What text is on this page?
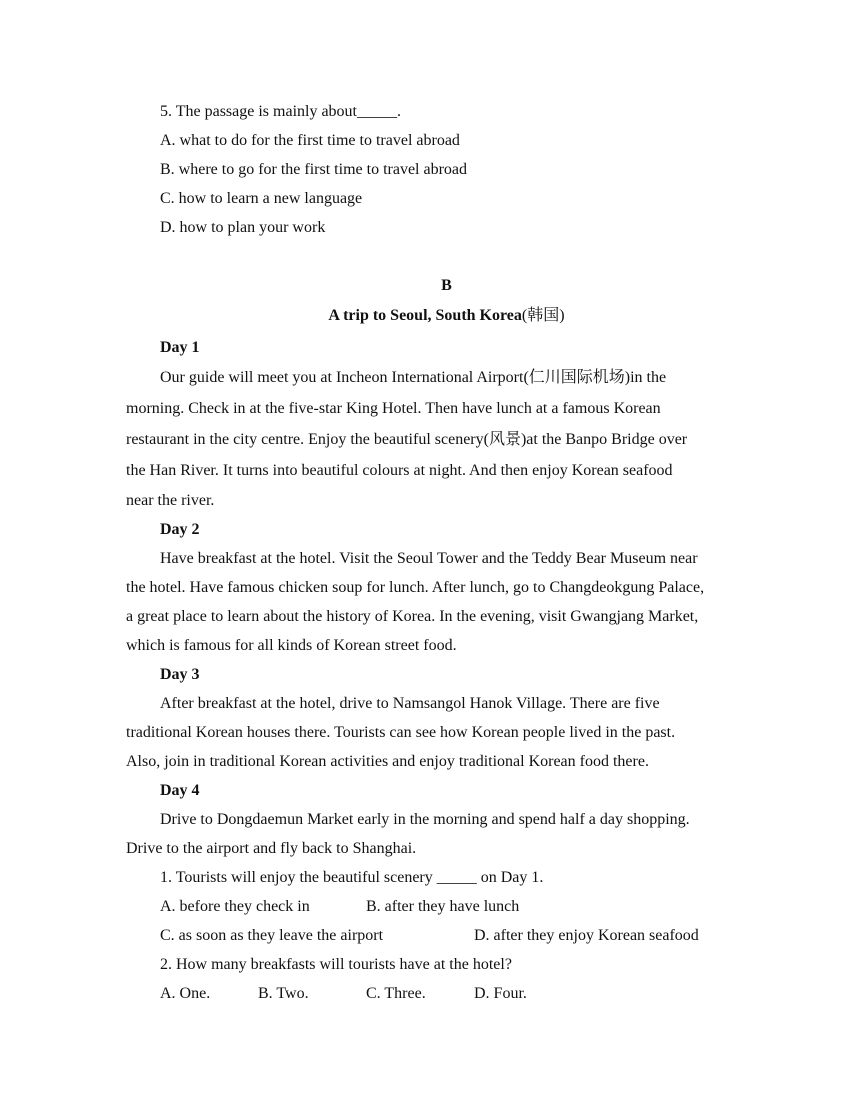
5. The passage is mainly about_____.
A. what to do for the first time to travel abroad
B. where to go for the first time to travel abroad
C. how to learn a new language
D. how to plan your work
B
A trip to Seoul, South Korea(韩国)
Day 1
Our guide will meet you at Incheon International Airport(仁川国际机场)in the
morning. Check in at the five-star King Hotel. Then have lunch at a famous Korean
restaurant in the city centre. Enjoy the beautiful scenery(风景)at the Banpo Bridge over
the Han River. It turns into beautiful colours at night. And then enjoy Korean seafood
near the river.
Day 2
Have breakfast at the hotel. Visit the Seoul Tower and the Teddy Bear Museum near
the hotel. Have famous chicken soup for lunch. After lunch, go to Changdeokgung Palace,
a great place to learn about the history of Korea. In the evening, visit Gwangjang Market,
which is famous for all kinds of Korean street food.
Day 3
After breakfast at the hotel, drive to Namsangol Hanok Village. There are five
traditional Korean houses there. Tourists can see how Korean people lived in the past.
Also, join in traditional Korean activities and enjoy traditional Korean food there.
Day 4
Drive to Dongdaemun Market early in the morning and spend half a day shopping.
Drive to the airport and fly back to Shanghai.
1. Tourists will enjoy the beautiful scenery _____ on Day 1.
A. before they check in	B. after they have lunch
C. as soon as they leave the airport	D. after they enjoy Korean seafood
2. How many breakfasts will tourists have at the hotel?
A. One.	B. Two.	C. Three.	D. Four.
